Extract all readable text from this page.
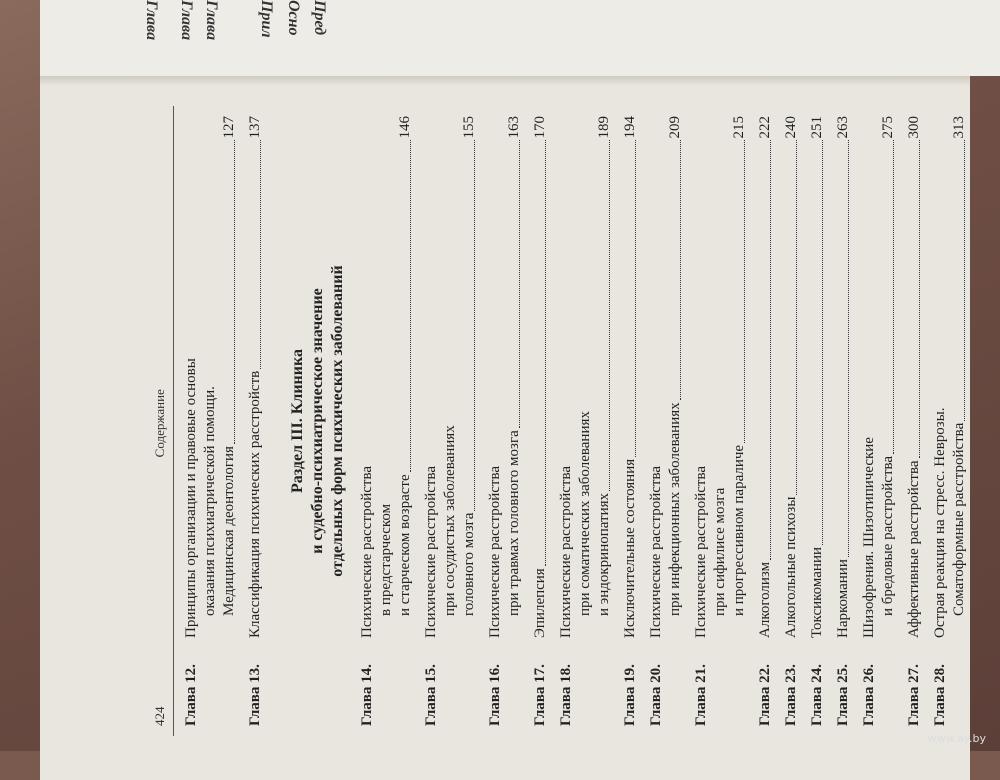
Глава Глава Глава Прил Осно Пред
424
Содержание
Глава 12.
Принципы организации и правовые основы оказания психиатрической помощи. Медицинская деонтология
127
Глава 13.
Классификация психических расстройств
137
Раздел III. Клиника и судебно-психиатрическое значение отдельных форм психических заболеваний
Глава 14.
Психические расстройства в предстарческом и старческом возрасте
146
Глава 15.
Психические расстройства при сосудистых заболеваниях головного мозга
155
Глава 16.
Психические расстройства при травмах головного мозга
163
Глава 17.
Эпилепсия
170
Глава 18.
Психические расстройства при соматических заболеваниях и эндокринопатиях
189
Глава 19.
Исключительные состояния
194
Глава 20.
Психические расстройства при инфекционных заболеваниях
209
Глава 21.
Психические расстройства при сифилисе мозга и прогрессивном параличе
215
Глава 22.
Алкоголизм
222
Глава 23.
Алкогольные психозы
240
Глава 24.
Токсикомании
251
Глава 25.
Наркомании
263
Глава 26.
Шизофрения. Шизотипические и бредовые расстройства
275
Глава 27.
Аффективные расстройства
300
Глава 28.
Острая реакция на стресс. Неврозы. Соматоформные расстройства
313
www.ay.by
